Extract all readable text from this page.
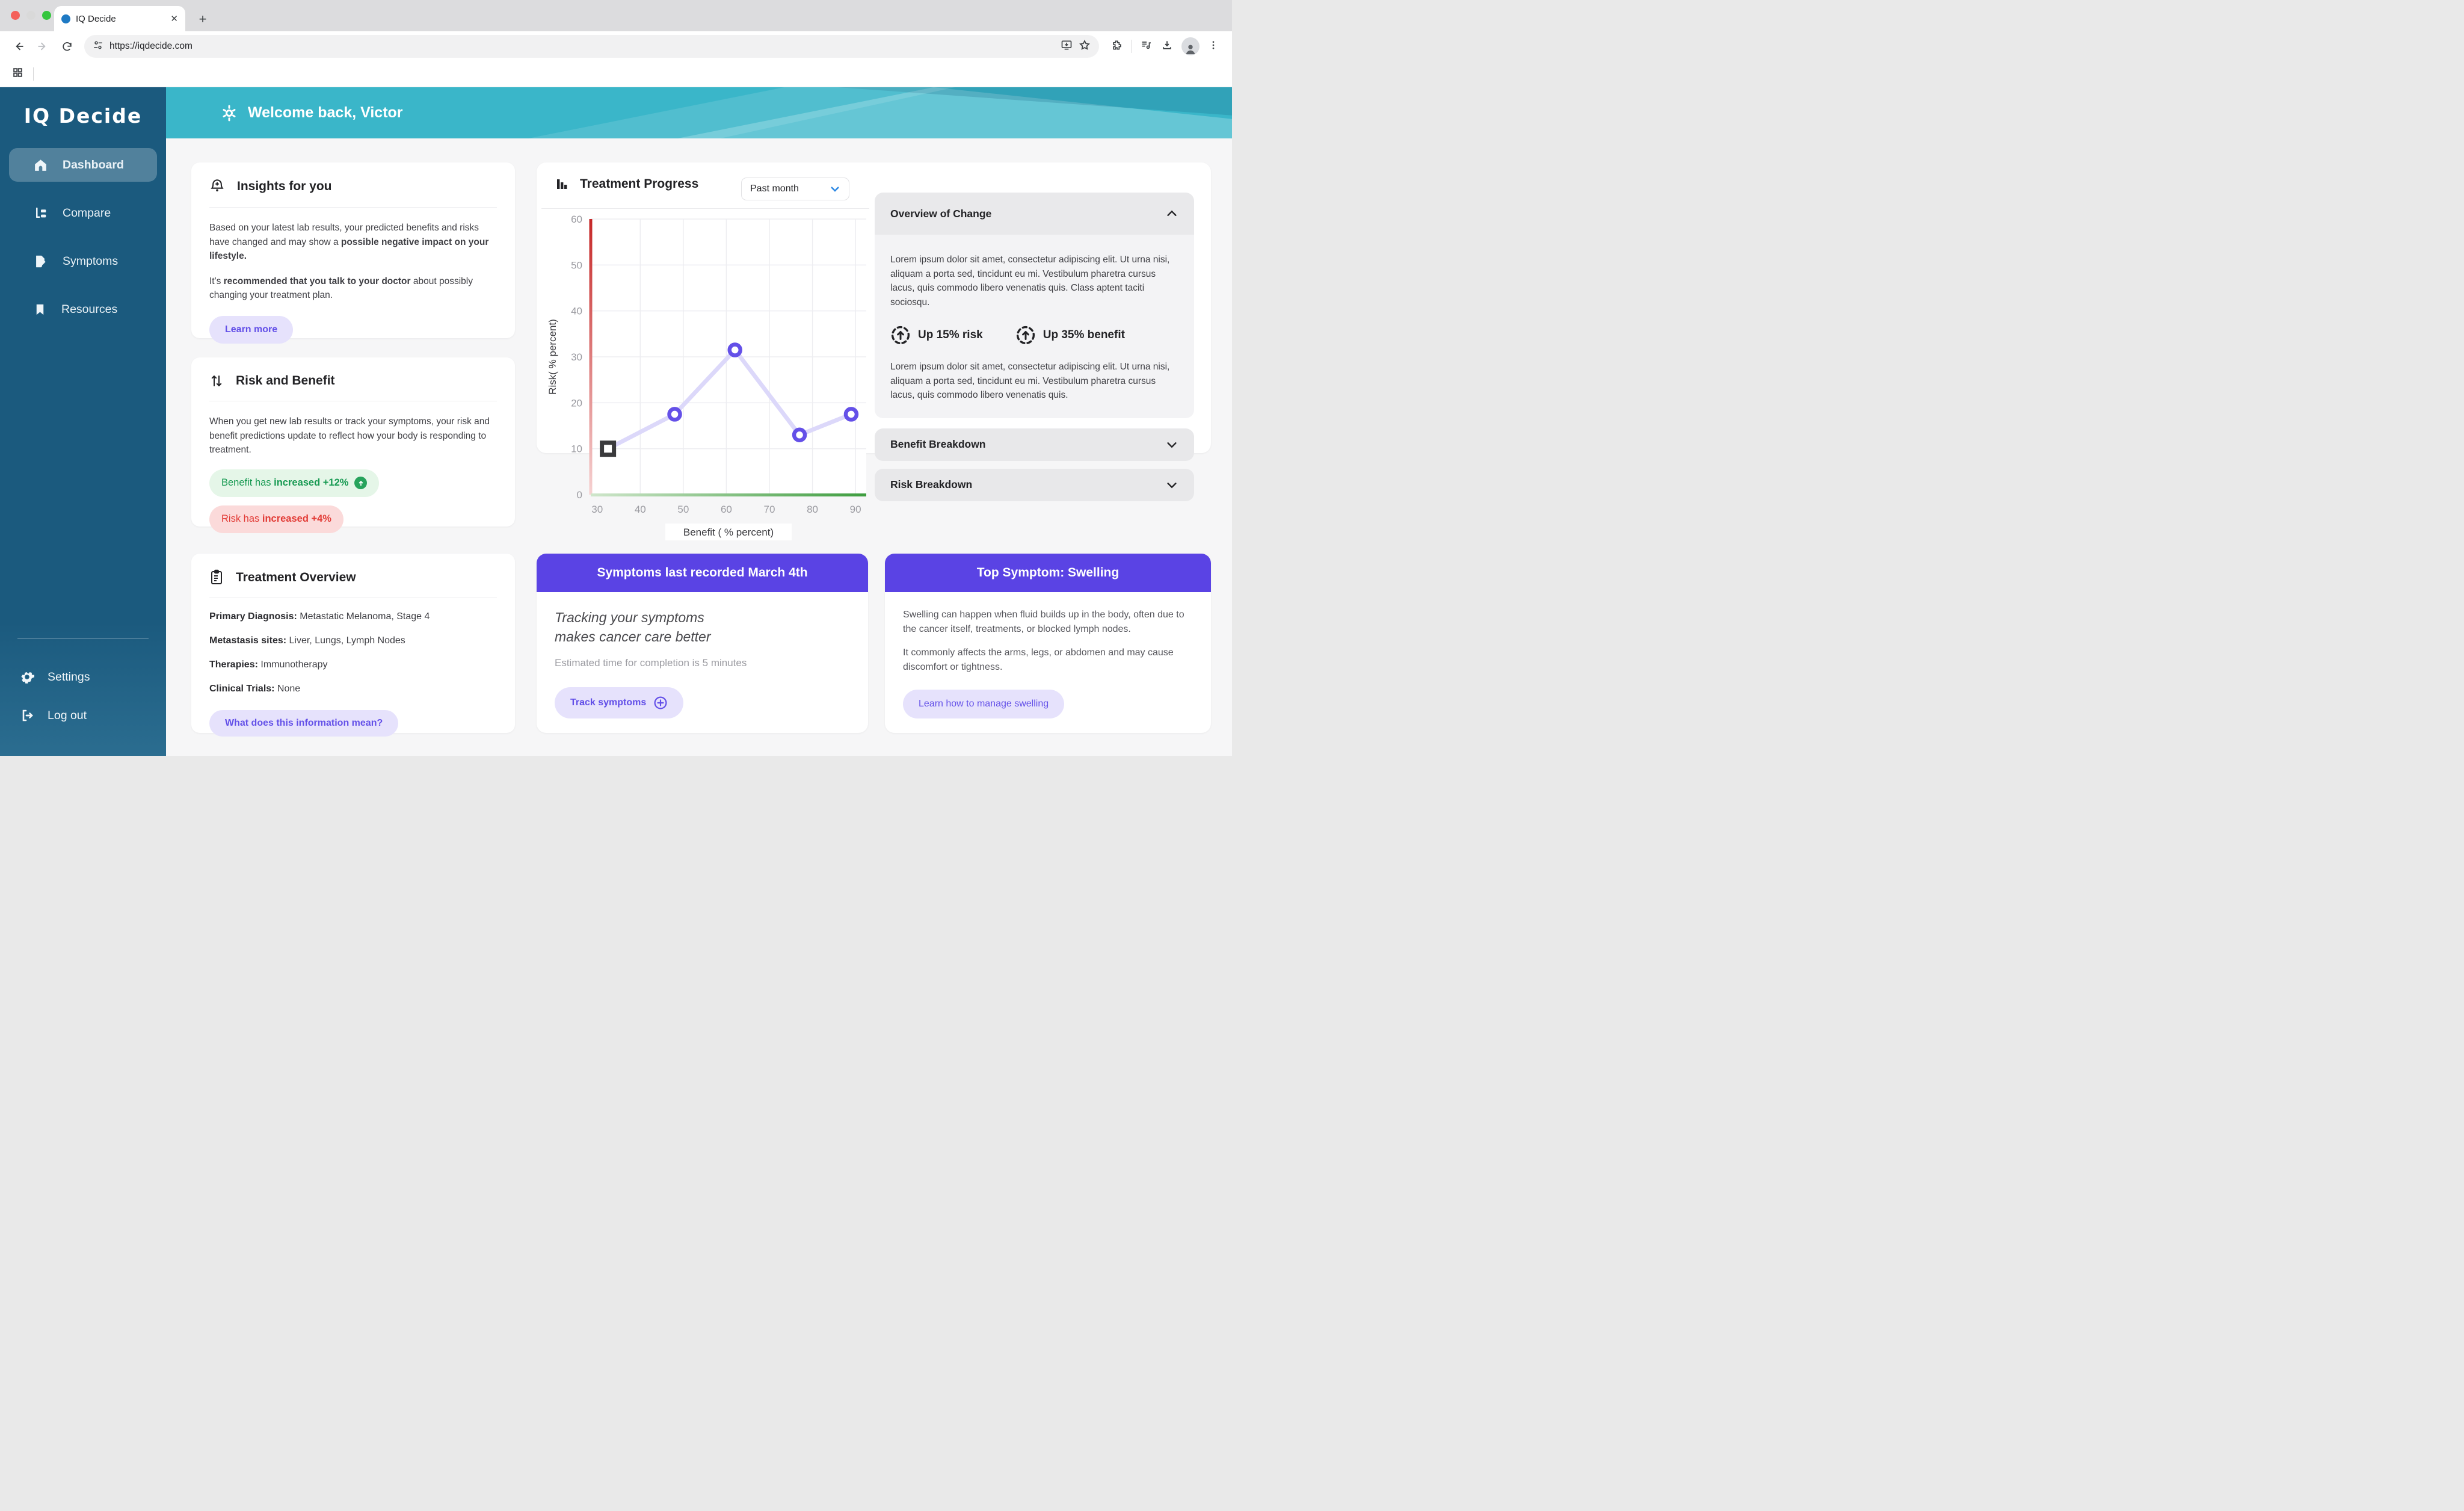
IQ Decide	✕	+
https://iqdecide.com
IQ Decide
Dashboard
Compare
Symptoms
Resources
Settings
Log out
Welcome back, Victor
Insights for you

Based on your latest lab results, your predicted benefits and risks have changed and may show a possible negative impact on your lifestyle.

It's recommended that you talk to your doctor about possibly changing your treatment plan.

Learn more
Risk and Benefit

When you get new lab results or track your symptoms, your risk and benefit predictions update to reflect how your body is responding to treatment.

Benefit has increased +12%

Risk has increased +4%
Treatment Overview
Primary Diagnosis: Metastatic Melanoma, Stage 4
Metastasis sites: Liver, Lungs, Lymph Nodes
Therapies: Immunotherapy
Clinical Trials: None
What does this information mean?
Treatment Progress	Past month
0
10
20
30
40
50
60
30	40	50	60	70	80	90
Risk( % percent)
Benefit ( % percent)
Overview of Change

Lorem ipsum dolor sit amet, consectetur adipiscing elit. Ut urna nisi, aliquam a porta sed, tincidunt eu mi. Vestibulum pharetra cursus lacus, quis commodo libero venenatis quis. Class aptent taciti sociosqu.

Up 15% risk	Up 35% benefit

Lorem ipsum dolor sit amet, consectetur adipiscing elit. Ut urna nisi, aliquam a porta sed, tincidunt eu mi. Vestibulum pharetra cursus lacus, quis commodo libero venenatis quis.

Benefit Breakdown
Risk Breakdown
Symptoms last recorded March 4th
Tracking your symptoms
makes cancer care better
Estimated time for completion is 5 minutes
Track symptoms
Top Symptom: Swelling

Swelling can happen when fluid builds up in the body, often due to the cancer itself, treatments, or blocked lymph nodes.

It commonly affects the arms, legs, or abdomen and may cause discomfort or tightness.

Learn how to manage swelling
